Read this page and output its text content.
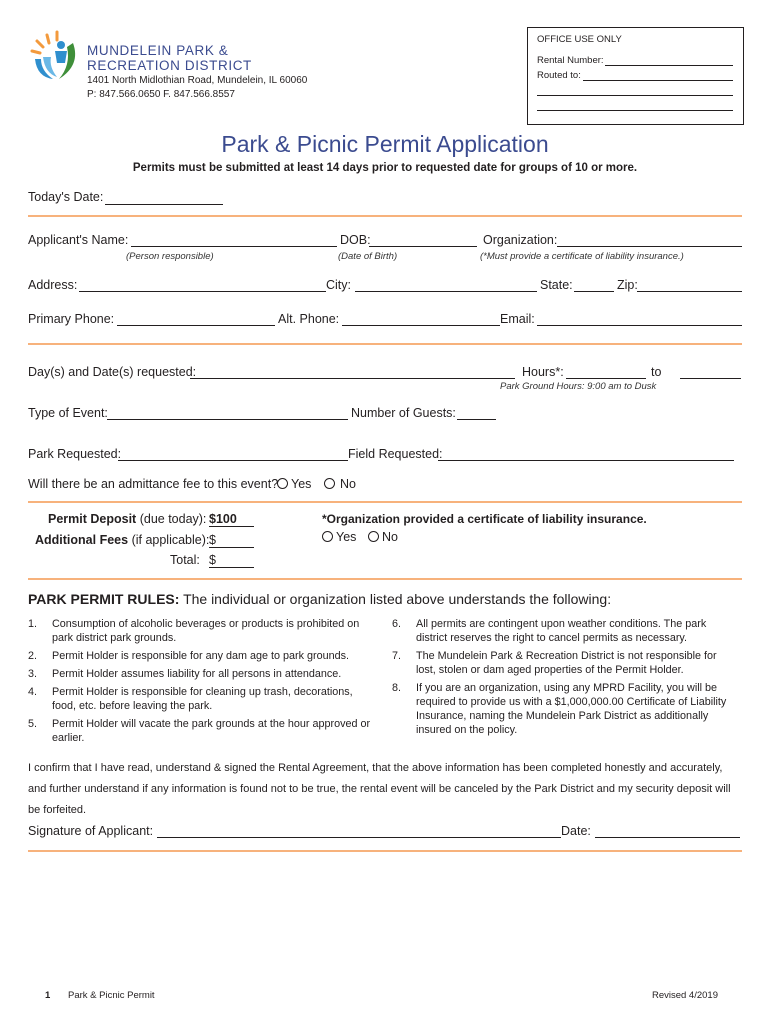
MUNDELEIN PARK &
RECREATION DISTRICT
1401 North Midlothian Road, Mundelein, IL 60060
P: 847.566.0650 F. 847.566.8557
OFFICE USE ONLY
Rental Number:
Routed to:
Park & Picnic Permit Application
Permits must be submitted at least 14 days prior to requested date for groups of 10 or more.
Today's Date:
Applicant's Name:
(Person responsible)
DOB:
(Date of Birth)
Organization:
(*Must provide a certificate of liability insurance.)
Address:	City:	State:	Zip:
Primary Phone:	Alt. Phone:	Email:
Day(s) and Date(s) requested:	Hours*:	to
Park Ground Hours: 9:00 am to Dusk
Type of Event:	Number of Guests:
Park Requested:	Field Requested:
Will there be an admittance fee to this event?	Yes	No
Permit Deposit (due today): $100
Additional Fees (if applicable): $
Total: $
*Organization provided a certificate of liability insurance.
Yes	No
PARK PERMIT RULES: The individual or organization listed above understands the following:
1. Consumption of alcoholic beverages or products is prohibited on park district park grounds.
2. Permit Holder is responsible for any dam age to park grounds.
3. Permit Holder assumes liability for all persons in attendance.
4. Permit Holder is responsible for cleaning up trash, decorations, food, etc. before leaving the park.
5. Permit Holder will vacate the park grounds at the hour approved or earlier.
6. All permits are contingent upon weather conditions. The park district reserves the right to cancel permits as necessary.
7. The Mundelein Park & Recreation District is not responsible for lost, stolen or dam aged properties of the Permit Holder.
8. If you are an organization, using any MPRD Facility, you will be required to provide us with a $1,000,000.00 Certificate of Liability Insurance, naming the Mundelein Park District as additionally insured on the policy.
I confirm that I have read, understand & signed the Rental Agreement, that the above information has been completed honestly and accurately, and further understand if any information is found not to be true, the rental event will be canceled by the Park District and my security deposit will be forfeited.
Signature of Applicant:	Date:
1 Park & Picnic Permit	Revised 4/2019
